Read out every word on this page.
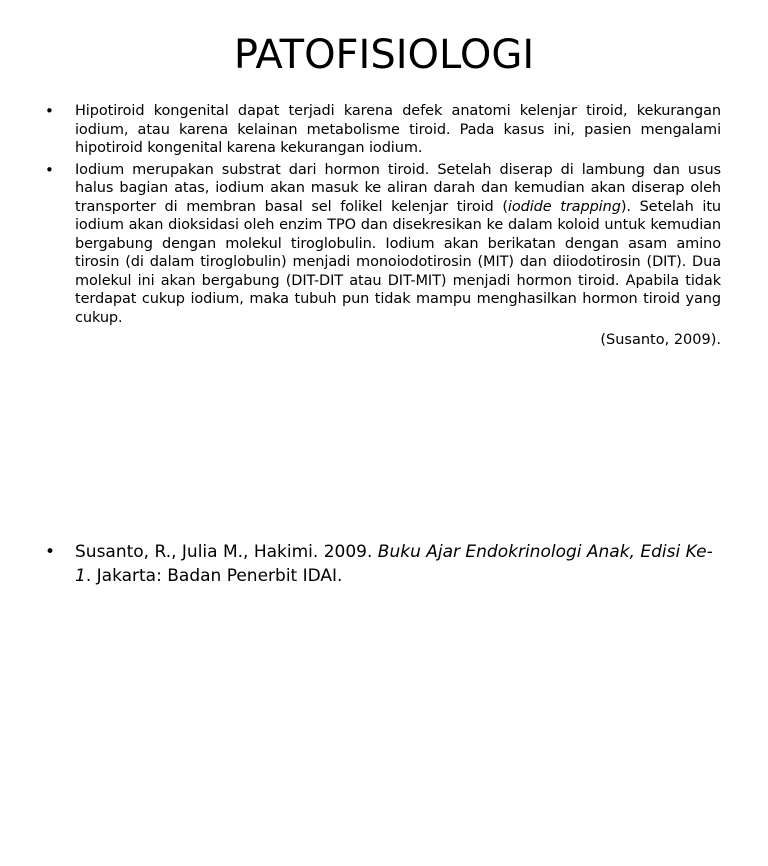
PATOFISIOLOGI
• Hipotiroid kongenital dapat terjadi karena defek anatomi kelenjar tiroid, kekurangan iodium, atau karena kelainan metabolisme tiroid. Pada kasus ini, pasien mengalami hipotiroid kongenital karena kekurangan iodium.

• Iodium merupakan substrat dari hormon tiroid. Setelah diserap di lambung dan usus halus bagian atas, iodium akan masuk ke aliran darah dan kemudian akan diserap oleh transporter di membran basal sel folikel kelenjar tiroid (iodide trapping). Setelah itu iodium akan dioksidasi oleh enzim TPO dan disekresikan ke dalam koloid untuk kemudian bergabung dengan molekul tiroglobulin. Iodium akan berikatan dengan asam amino tirosin (di dalam tiroglobulin) menjadi monoiodotirosin (MIT) dan diiodotirosin (DIT). Dua molekul ini akan bergabung (DIT-DIT atau DIT-MIT) menjadi hormon tiroid. Apabila tidak terdapat cukup iodium, maka tubuh pun tidak mampu menghasilkan hormon tiroid yang cukup.

(Susanto, 2009).
• Susanto, R., Julia M., Hakimi. 2009. Buku Ajar Endokrinologi Anak, Edisi Ke-1. Jakarta: Badan Penerbit IDAI.
